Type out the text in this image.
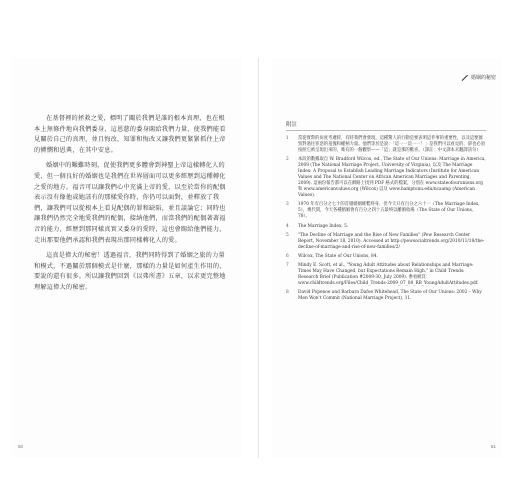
在基督裡的拯救之愛，標明了關於我們是誰的根本真理，也在根本上無條件地向我們委身，這恩慈的委身賜給我們力量，使我們能看見關於自己的真理，並且悔改，知罪和悔改又讓我們更緊緊抓住上帝的憐憫和恩典，在其中安息。

婚姻中的艱難時刻，促使我們更多體會到神聖上帝這樣轉化人的愛，但一個良好的婚姻也是我們在世界層面可以更多經歷到這種轉化之愛的地方。福音可以讓我們心中充滿上帝的愛，以至於當你的配偶表示沒有像他或她該有的那樣愛你時，你仍可以面對，並釋放了我們，讓我們可以從根本上看見配偶的罪和缺陷，並且談論它；同時也讓我們仍然完全地愛我們的配偶，接納他們，而當我們的配偶著著福音的能力，經歷到那同樣真實又委身的愛時，這也會賜給他們能力，走出那要他們承認和我們表現出那同樣轉化人的愛。

這真是偉大的秘密！透過福音，我們同時得到了婚姻之旅的力量和模式，不過關於那個模式是什麼，那樣的力量是如何產生作用的，要說的還有很多。所以讓我們回到《以弗所書》五章，以求更完整地理解這偉大的秘密。

50
婚姻的秘密
附註
1	當從實際的角度考慮時，有時我們會發現，這種驚人的行動是要表明這件事的重要性，以及這要摧毀對過往罪惡的羞愧和權柄力量。他們等於是說：「這一一這一一！」是我們可以看見的，卻也必須按照它被呈現出來的，唯有的一個觀察——「這」就是那的歡喜。（譯註：中文譯本未翻譯該句）
2	本段的數據取自 W. Bradford Wilcox, ed., The State of Our Unions: Marriage in America, 2009 (The National Marriage Project, University of Virginia), 以及 The Marriage Index: A Proposal to Establish Leading Marriage Indicators (Institute for American Values and The National Center on African American Marriages and Parenting, 2009). 這兩份報告都可以在網路上找到 PDF 格式的檔案，分別在 www.stateofourunions.org 和 www.americanvalues.org (Wilcox) 以及 www.hamptonu.edu/ncaamp (American Values).
3	1970 年有百分之七十的首婚婚姻維繫終身，但今天只有百分之六十一（The Marriage Index, 5），幾代間，今天各種婚姻會有百分之四十五最終以離婚收場（The State of Our Unions, 78）。
4	The Marriage Index, 5.
5	"The Decline of Marriage and the Rise of New Families" (Pew Research Center Report, November 18, 2010). Accessed at http://pewsocialtrends.org/2010/11/18/the-decline-of-marriage-and-rise-of-new-families/2/
6	Wilcox, The State of Our Unions, 84.
7	Mindy E. Scott, et al., "Young Adult Attitudes about Relationships and Marriage: Times May Have Changed, but Expectations Remain High," in Child Trends: Research Brief (Publication #2009-30, July 2009). 參看網頁：www.childtrends.org/Files/Child_Trends-2009_07_08_RB_YoungAdultAttitudes.pdf.
8	David Popenoe and Barbara Dafoe Whitehead, The State of Our Unions: 2002 – Why Men Won't Commit (National Marriage Project), 11.
51
